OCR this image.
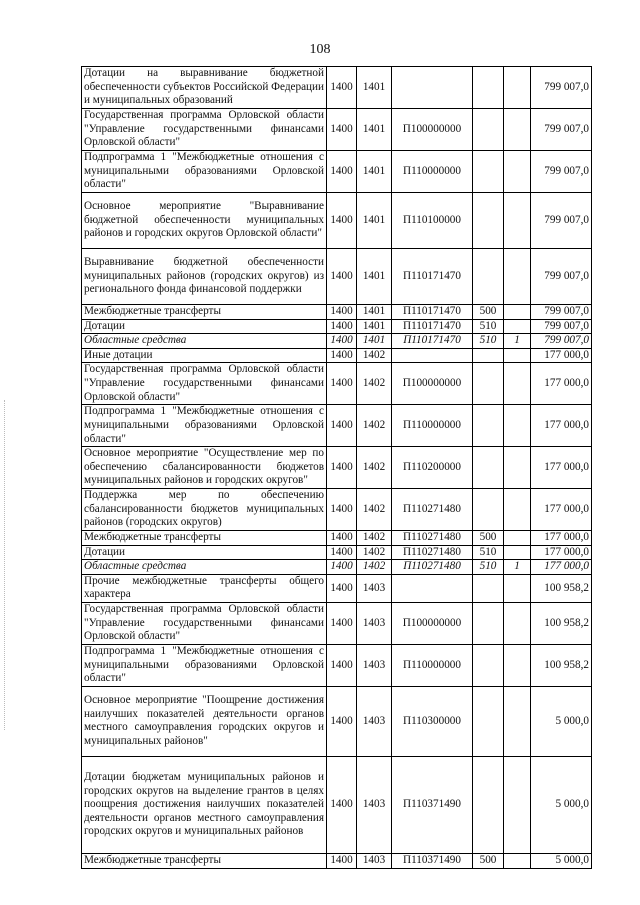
108
Дотации на выравнивание бюджетной обеспеченности субъектов Российской Федерации и муниципальных образований	1400	1401				799 007,0
Государственная программа Орловской области "Управление государственными финансами Орловской области"	1400	1401	П100000000			799 007,0
Подпрограмма 1 "Межбюджетные отношения с муниципальными образованиями Орловской области"	1400	1401	П110000000			799 007,0
Основное мероприятие "Выравнивание бюджетной обеспеченности муниципальных районов и городских округов Орловской области"	1400	1401	П110100000			799 007,0
Выравнивание бюджетной обеспеченности муниципальных районов (городских округов) из регионального фонда финансовой поддержки	1400	1401	П110171470			799 007,0
Межбюджетные трансферты	1400	1401	П110171470	500		799 007,0
Дотации	1400	1401	П110171470	510		799 007,0
Областные средства	1400	1401	П110171470	510	1	799 007,0
Иные дотации	1400	1402				177 000,0
Государственная программа Орловской области "Управление государственными финансами Орловской области"	1400	1402	П100000000			177 000,0
Подпрограмма 1 "Межбюджетные отношения с муниципальными образованиями Орловской области"	1400	1402	П110000000			177 000,0
Основное мероприятие "Осуществление мер по обеспечению сбалансированности бюджетов муниципальных районов и городских округов"	1400	1402	П110200000			177 000,0
Поддержка мер по обеспечению сбалансированности бюджетов муниципальных районов (городских округов)	1400	1402	П110271480			177 000,0
Межбюджетные трансферты	1400	1402	П110271480	500		177 000,0
Дотации	1400	1402	П110271480	510		177 000,0
Областные средства	1400	1402	П110271480	510	1	177 000,0
Прочие межбюджетные трансферты общего характера	1400	1403				100 958,2
Государственная программа Орловской области "Управление государственными финансами Орловской области"	1400	1403	П100000000			100 958,2
Подпрограмма 1 "Межбюджетные отношения с муниципальными образованиями Орловской области"	1400	1403	П110000000			100 958,2
Основное мероприятие "Поощрение достижения наилучших показателей деятельности органов местного самоуправления городских округов и муниципальных районов"	1400	1403	П110300000			5 000,0
Дотации бюджетам муниципальных районов и городских округов на выделение грантов в целях поощрения достижения наилучших показателей деятельности органов местного самоуправления городских округов и муниципальных районов	1400	1403	П110371490			5 000,0
Межбюджетные трансферты	1400	1403	П110371490	500		5 000,0
